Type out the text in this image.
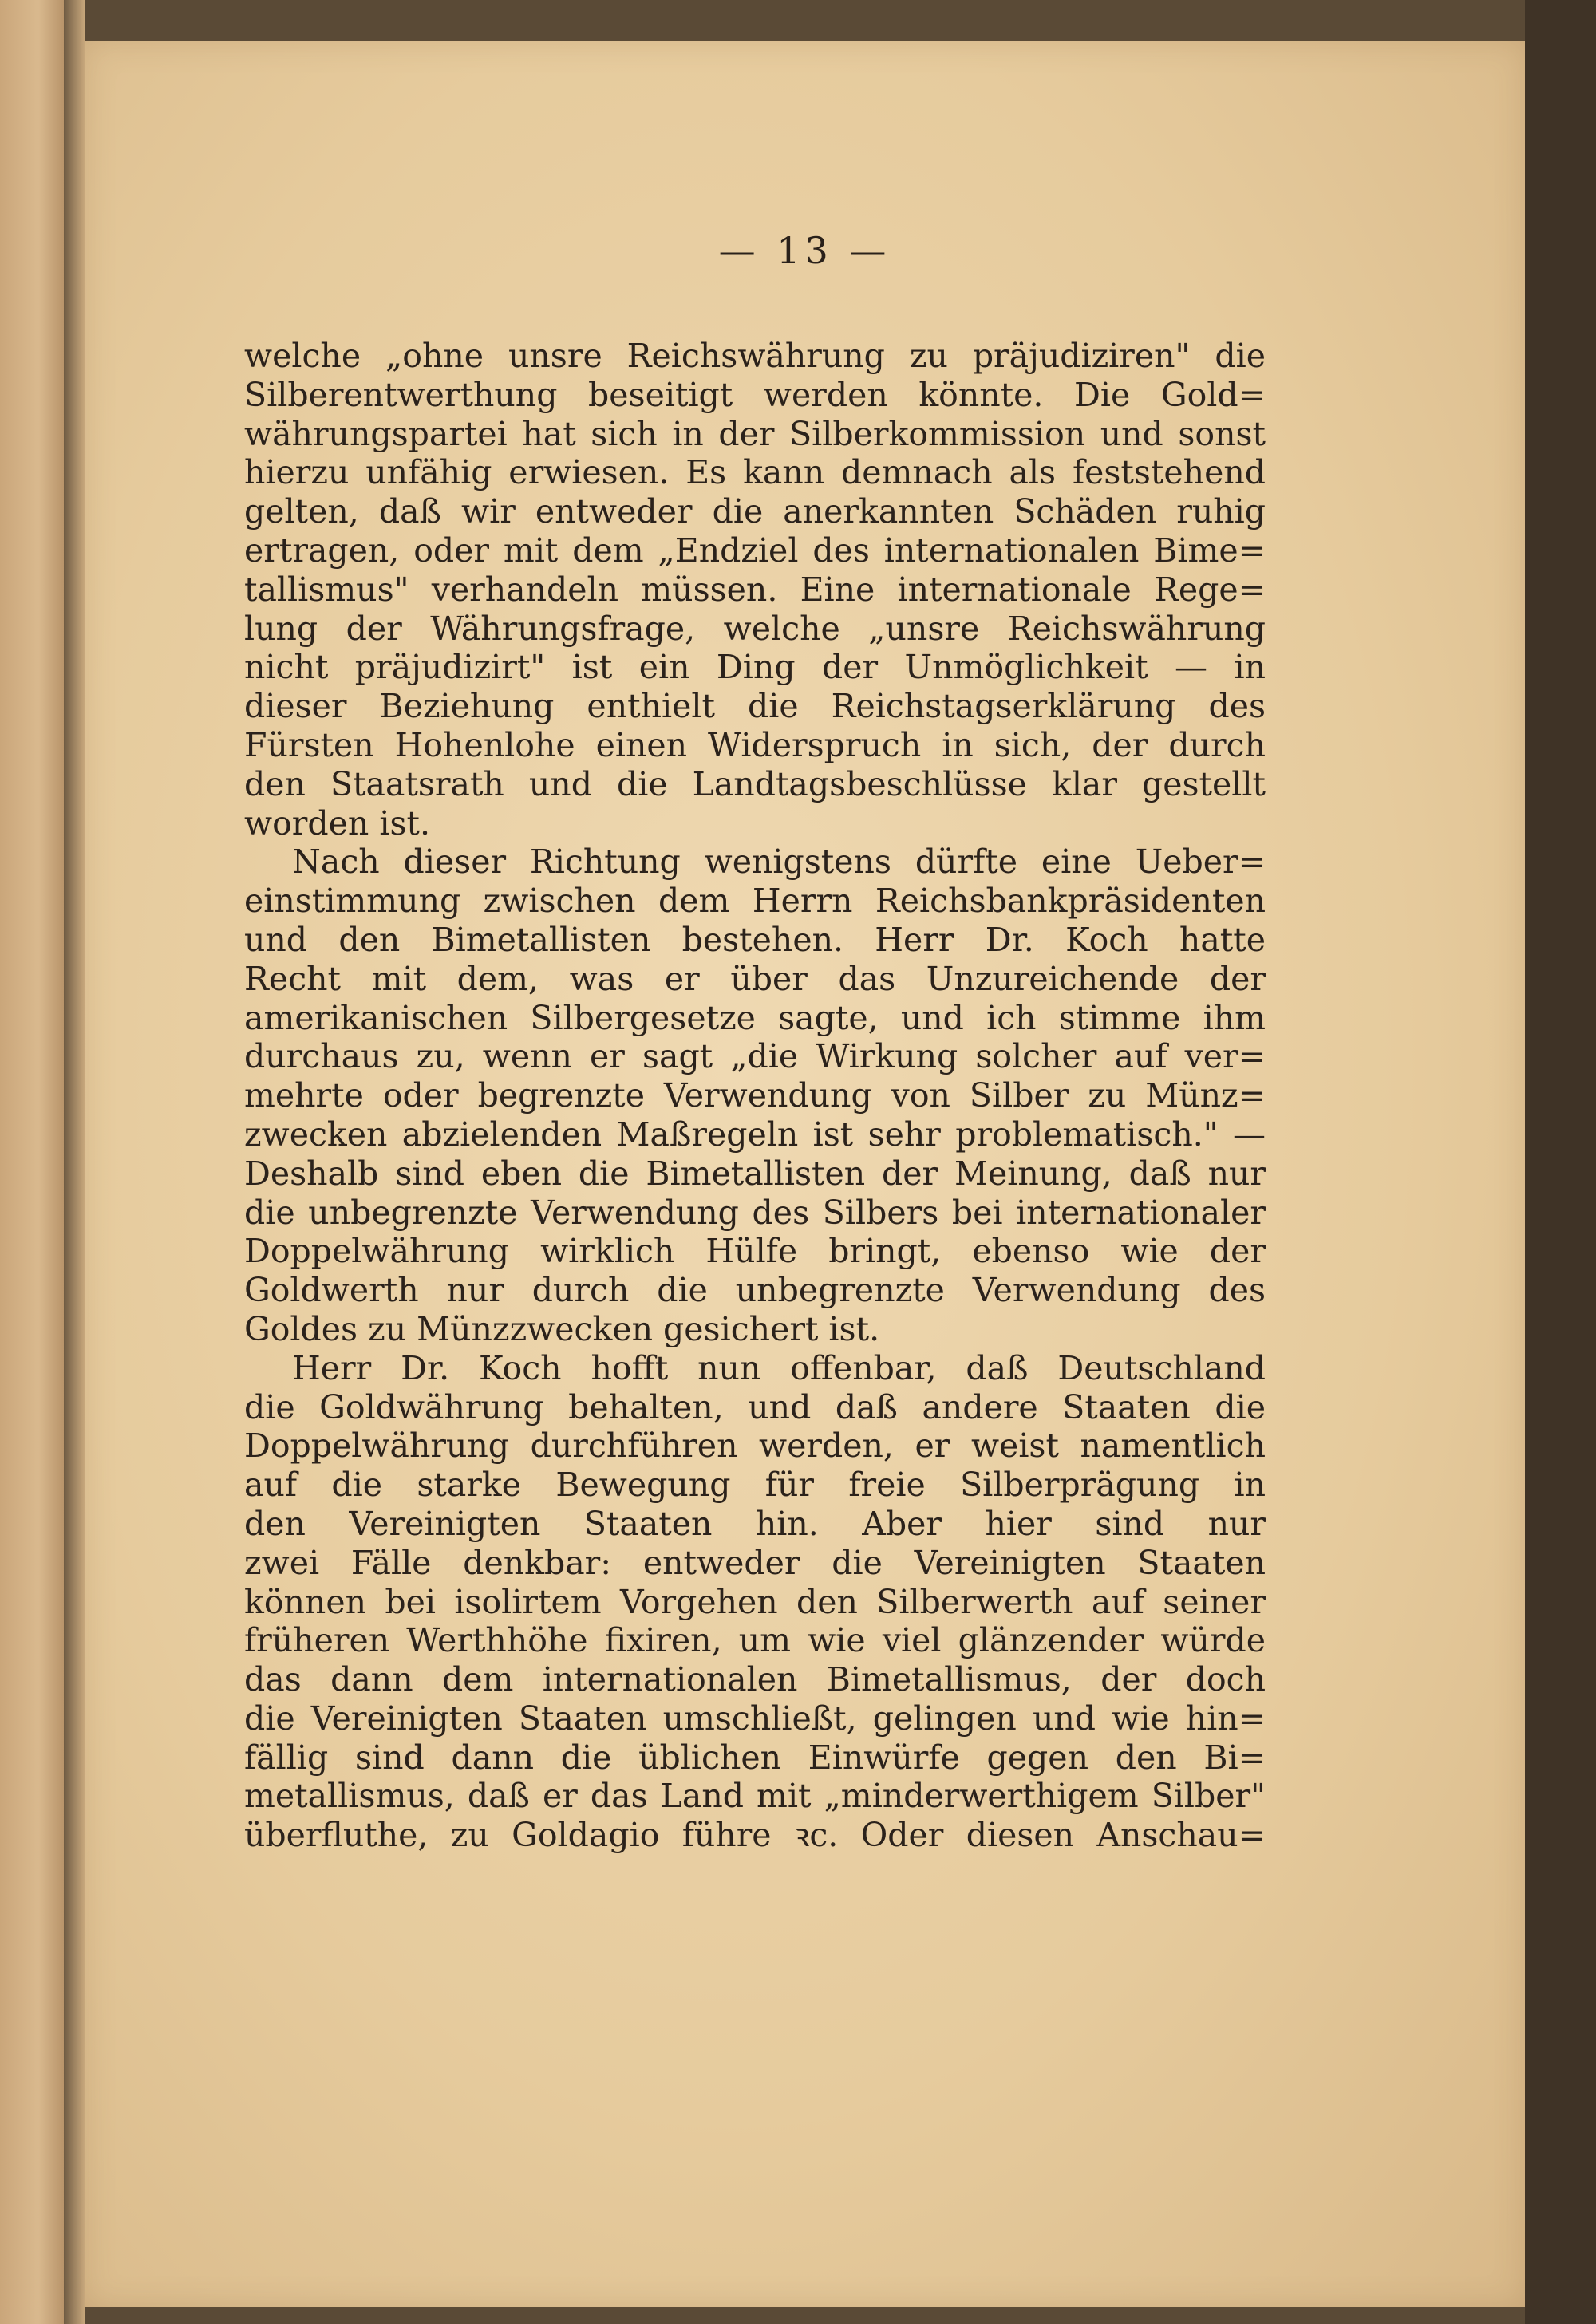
— 13 —
welche „ohne unsre Reichswährung zu präjudiziren" die
Silberentwerthung beseitigt werden könnte. Die Gold=
währungspartei hat sich in der Silberkommission und sonst
hierzu unfähig erwiesen. Es kann demnach als feststehend
gelten, daß wir entweder die anerkannten Schäden ruhig
ertragen, oder mit dem „Endziel des internationalen Bime=
tallismus" verhandeln müssen. Eine internationale Rege=
lung der Währungsfrage, welche „unsre Reichswährung
nicht präjudizirt" ist ein Ding der Unmöglichkeit — in
dieser Beziehung enthielt die Reichstagserklärung des
Fürsten Hohenlohe einen Widerspruch in sich, der durch
den Staatsrath und die Landtagsbeschlüsse klar gestellt
worden ist.
Nach dieser Richtung wenigstens dürfte eine Ueber=
einstimmung zwischen dem Herrn Reichsbankpräsidenten
und den Bimetallisten bestehen. Herr Dr. Koch hatte
Recht mit dem, was er über das Unzureichende der
amerikanischen Silbergesetze sagte, und ich stimme ihm
durchaus zu, wenn er sagt „die Wirkung solcher auf ver=
mehrte oder begrenzte Verwendung von Silber zu Münz=
zwecken abzielenden Maßregeln ist sehr problematisch." —
Deshalb sind eben die Bimetallisten der Meinung, daß nur
die unbegrenzte Verwendung des Silbers bei internationaler
Doppelwährung wirklich Hülfe bringt, ebenso wie der
Goldwerth nur durch die unbegrenzte Verwendung des
Goldes zu Münzzwecken gesichert ist.
Herr Dr. Koch hofft nun offenbar, daß Deutschland
die Goldwährung behalten, und daß andere Staaten die
Doppelwährung durchführen werden, er weist namentlich
auf die starke Bewegung für freie Silberprägung in
den Vereinigten Staaten hin. Aber hier sind nur
zwei Fälle denkbar: entweder die Vereinigten Staaten
können bei isolirtem Vorgehen den Silberwerth auf seiner
früheren Werthhöhe fixiren, um wie viel glänzender würde
das dann dem internationalen Bimetallismus, der doch
die Vereinigten Staaten umschließt, gelingen und wie hin=
fällig sind dann die üblichen Einwürfe gegen den Bi=
metallismus, daß er das Land mit „minderwerthigem Silber"
überfluthe, zu Goldagio führe ꝛc. Oder diesen Anschau=
